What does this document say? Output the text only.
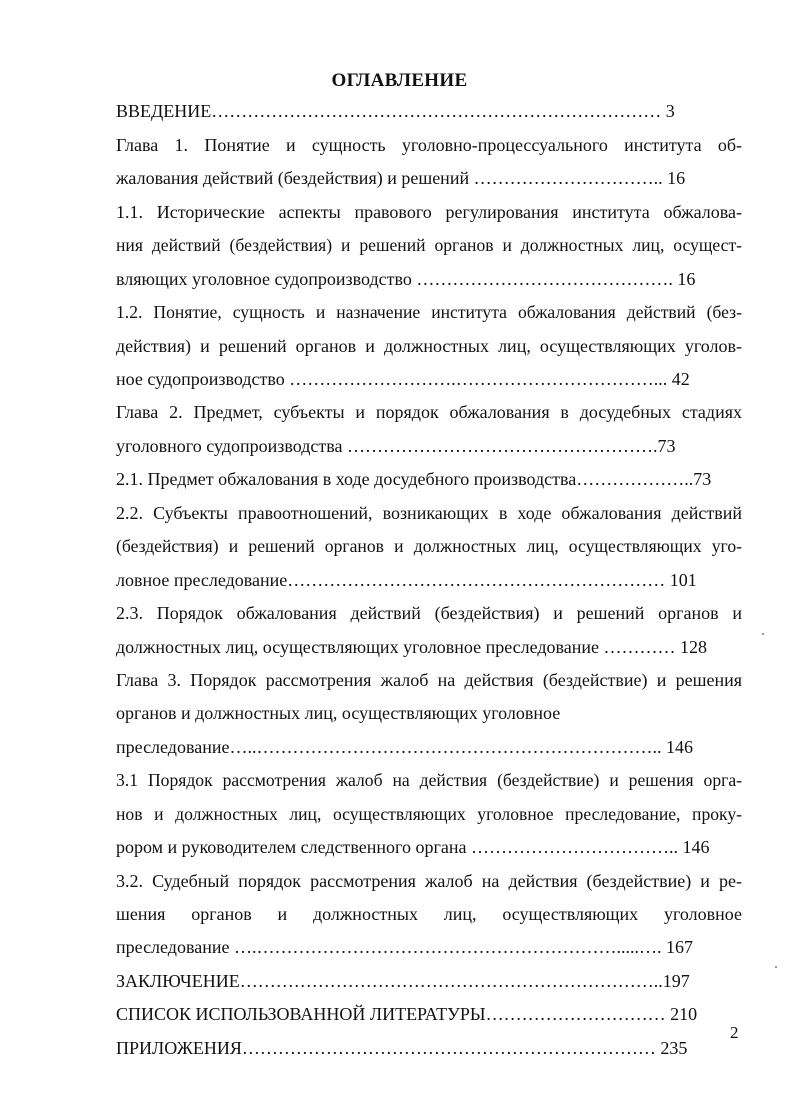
ОГЛАВЛЕНИЕ
ВВЕДЕНИЕ………………………………………………………………… 3
Глава 1. Понятие и сущность уголовно-процессуального института об-
жалования действий (бездействия) и решений ………………………….. 16
1.1. Исторические аспекты правового регулирования института обжалова-
ния действий (бездействия) и решений органов и должностных лиц, осущест-
вляющих уголовное судопроизводство ……………………………………. 16
1.2. Понятие, сущность и назначение института обжалования действий (без-
действия) и решений органов и должностных лиц, осуществляющих уголов-
ное судопроизводство ……………………….……………………………... 42
Глава 2. Предмет, субъекты и порядок обжалования в досудебных стадиях
уголовного судопроизводства …………………………………………….73
2.1. Предмет обжалования в ходе досудебного производства………………..73
2.2. Субъекты правоотношений, возникающих в ходе обжалования действий
(бездействия) и решений органов и должностных лиц, осуществляющих уго-
ловное преследование……………………………………………………… 101
2.3. Порядок обжалования действий (бездействия) и решений органов и
должностных лиц, осуществляющих уголовное преследование ………… 128
Глава 3. Порядок рассмотрения жалоб на действия (бездействие) и решения
органов и должностных лиц, осуществляющих уголовное
преследование…..………………………………………………………….. 146
3.1 Порядок рассмотрения жалоб на действия (бездействие) и решения орга-
нов и должностных лиц, осуществляющих уголовное преследование, проку-
рором и руководителем следственного органа …………………………….. 146
3.2. Судебный порядок рассмотрения жалоб на действия (бездействие) и ре-
шения органов и должностных лиц, осуществляющих уголовное
преследование ….…………………………………………………….....…. 167
ЗАКЛЮЧЕНИЕ……………………………………………………………..197
СПИСОК ИСПОЛЬЗОВАННОЙ ЛИТЕРАТУРЫ………………………… 210
ПРИЛОЖЕНИЯ…………………………………………………………… 235
2
